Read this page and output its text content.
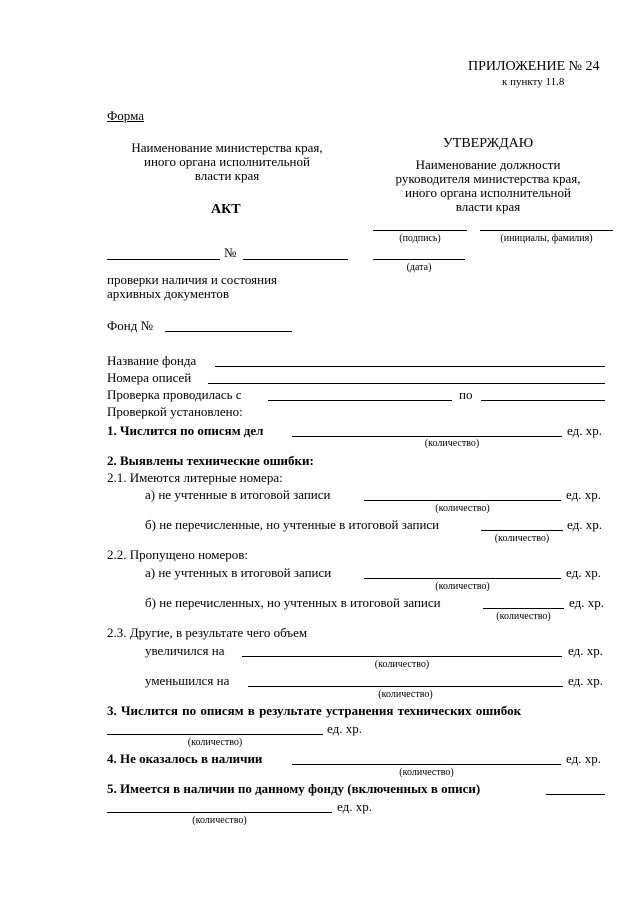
ПРИЛОЖЕНИЕ № 24
к пункту 11.8
Форма
Наименование министерства края,
иного органа исполнительной
власти края
АКТ
№
проверки наличия и состояния
архивных документов
УТВЕРЖДАЮ
Наименование должности
руководителя министерства края,
иного органа исполнительной
власти края
(подпись)	(инициалы, фамилия)
(дата)
Фонд №
Название фонда
Номера описей
Проверка проводилась с	по
Проверкой установлено:
1. Числится по описям дел	ед. хр.
(количество)
2. Выявлены технические ошибки:
2.1. Имеются литерные номера:
а) не учтенные в итоговой записи	ед. хр.
(количество)
б) не перечисленные, но учтенные в итоговой записи	ед. хр.
(количество)
2.2. Пропущено номеров:
а) не учтенных в итоговой записи	ед. хр.
(количество)
б) не перечисленных, но учтенных в итоговой записи	ед. хр.
(количество)
2.3. Другие, в результате чего объем
увеличился на	ед. хр.
(количество)
уменьшился на	ед. хр.
(количество)
3. Числится по описям в результате устранения технических ошибок
ед. хр.
(количество)
4. Не оказалось в наличии	ед. хр.
(количество)
5. Имеется в наличии по данному фонду (включенных в описи)
ед. хр.
(количество)
